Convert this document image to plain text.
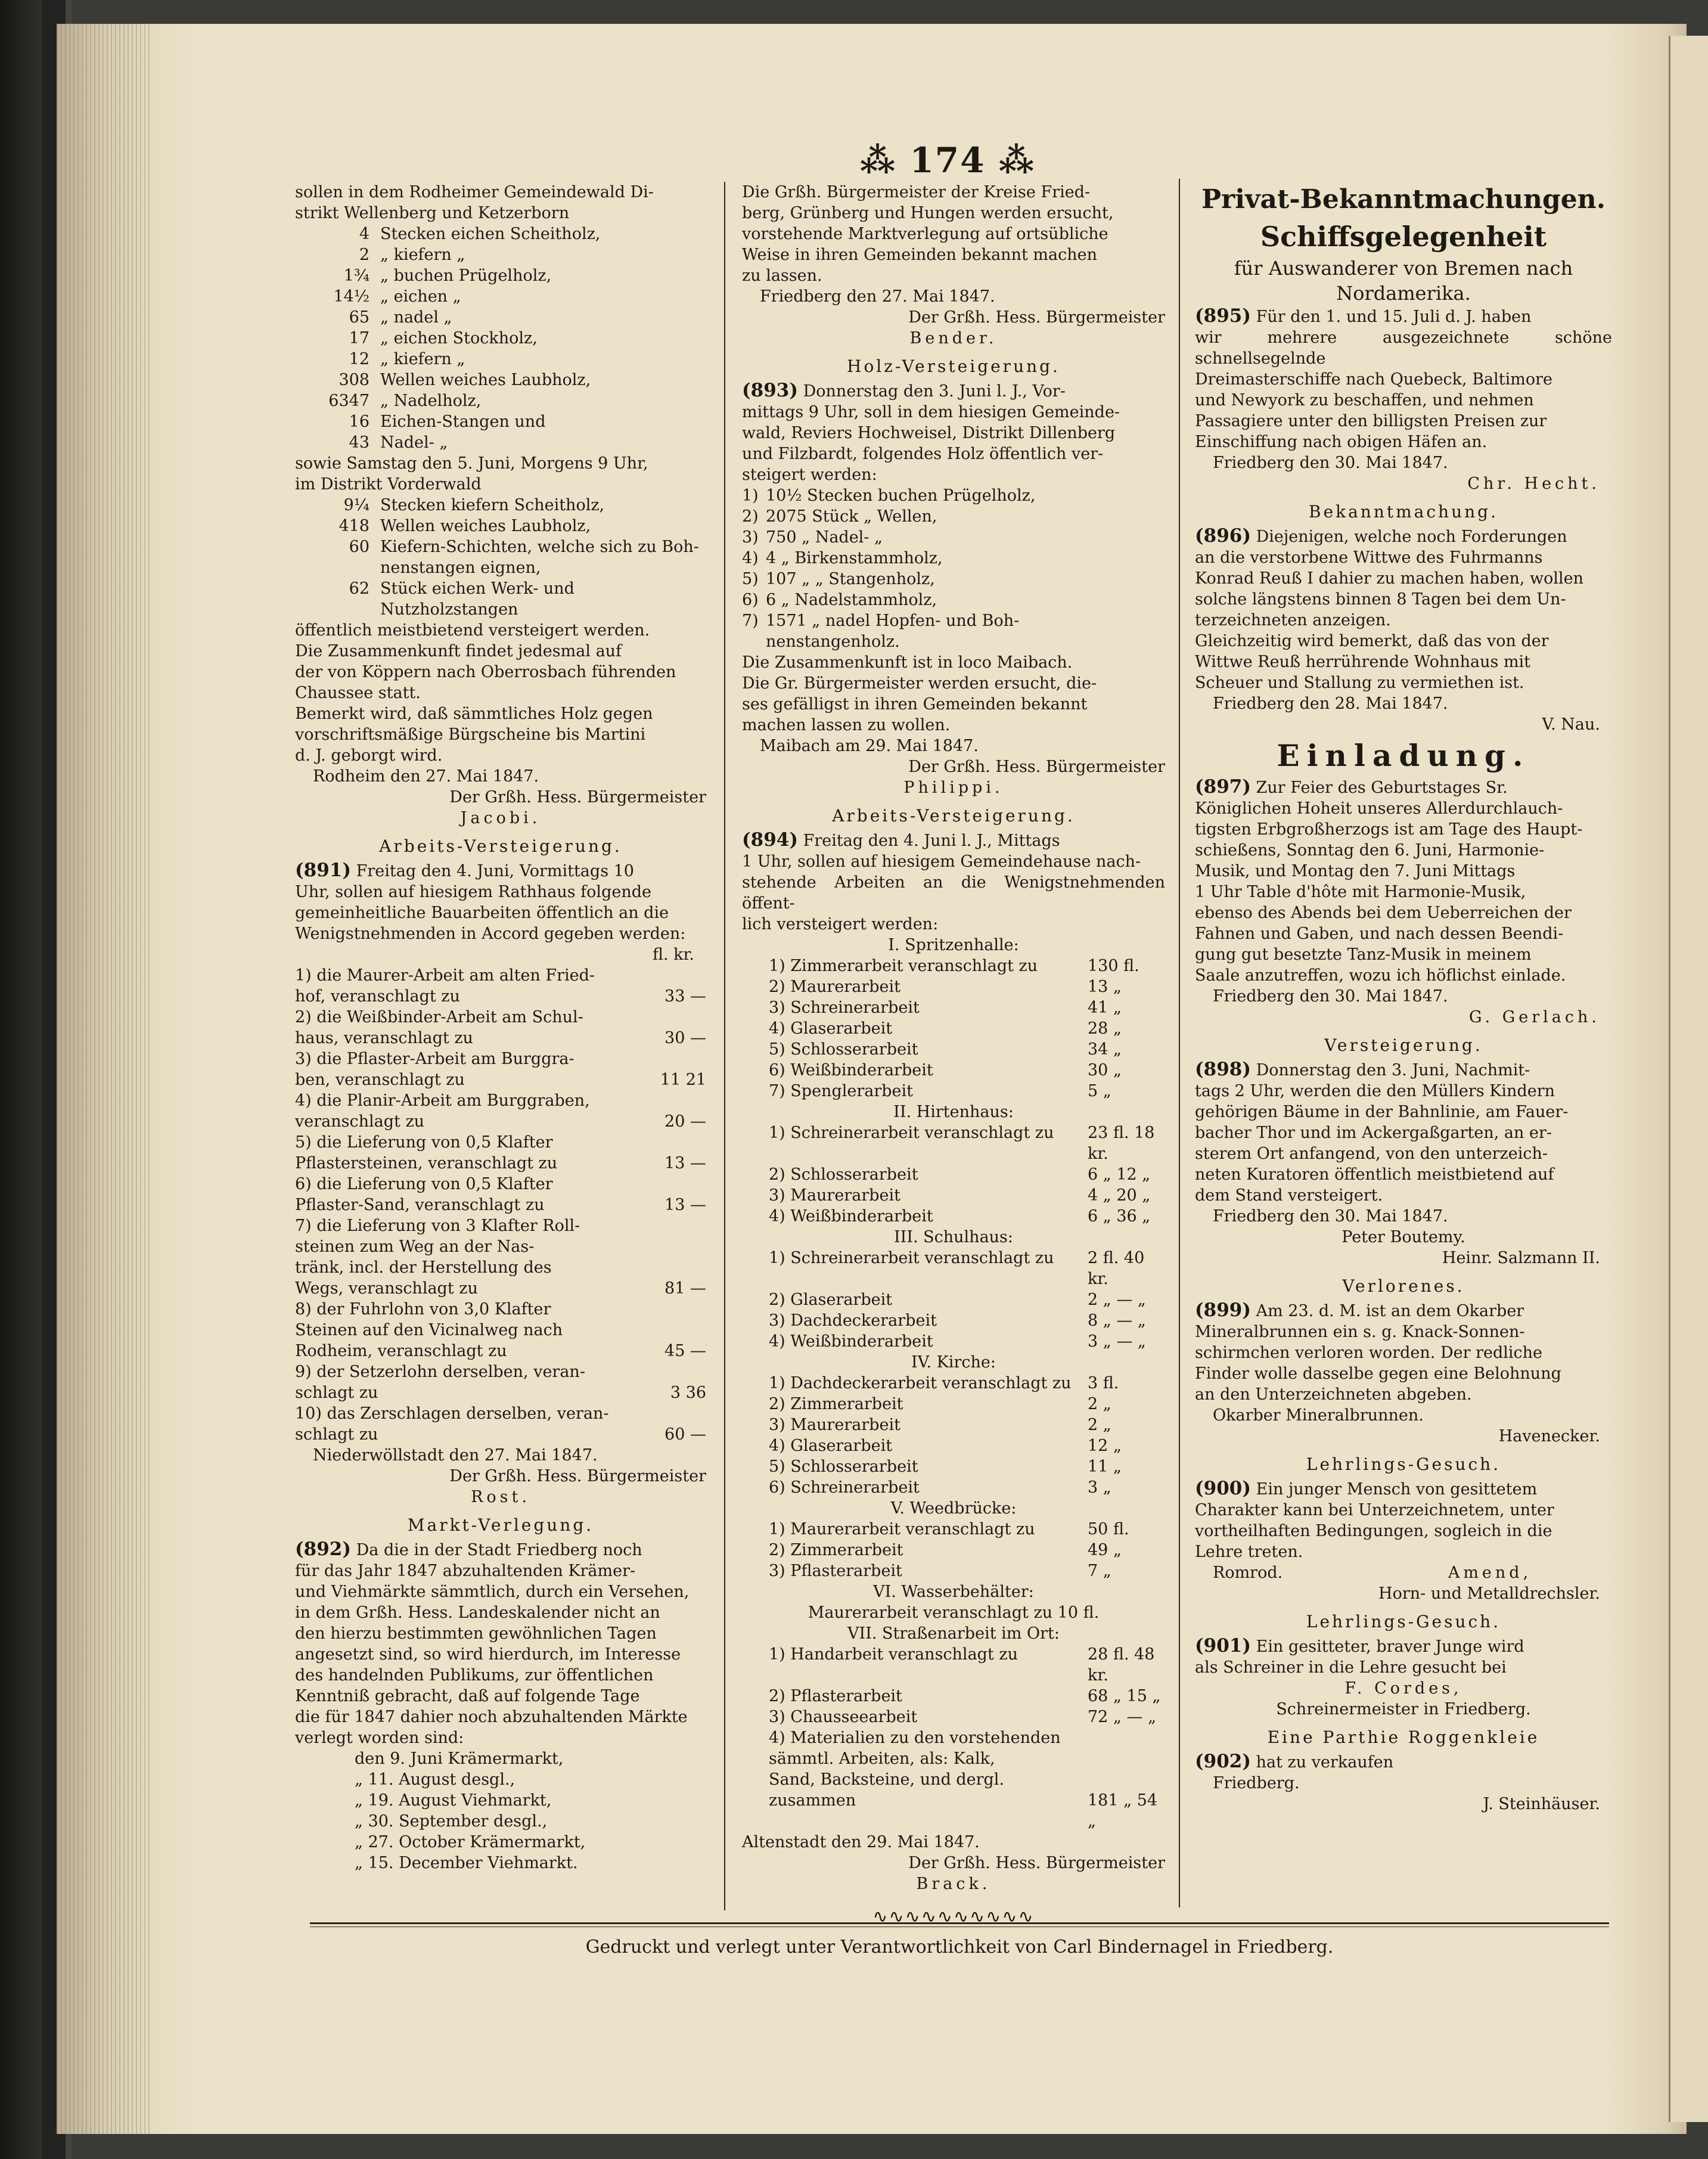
⁂ 174 ⁂
sollen in dem Rodheimer Gemeindewald Di-
strikt Wellenberg und Ketzerborn
4 Stecken eichen Scheitholz,
2 „ kiefern „
1¾ „ buchen Prügelholz,
14½ „ eichen „
65 „ nadel „
17 „ eichen Stockholz,
12 „ kiefern „
308 Wellen weiches Laubholz,
6347 „ Nadelholz,
16 Eichen-Stangen und
43 Nadel- „
sowie Samstag den 5. Juni, Morgens 9 Uhr,
im Distrikt Vorderwald
9¼ Stecken kiefern Scheitholz,
418 Wellen weiches Laubholz,
60 Kiefern-Schichten, welche sich zu Boh-
nenstangen eignen,
62 Stück eichen Werk- und Nutzholzstangen
öffentlich meistbietend versteigert werden.
Die Zusammenkunft findet jedesmal auf
der von Köppern nach Oberrosbach führenden
Chaussee statt.
Bemerkt wird, daß sämmtliches Holz gegen
vorschriftsmäßige Bürgscheine bis Martini
d. J. geborgt wird.
Rodheim den 27. Mai 1847.
Der Grßh. Hess. Bürgermeister
Jacobi.
Arbeits-Versteigerung.
(891) Freitag den 4. Juni, Vormittags 10
Uhr, sollen auf hiesigem Rathhaus folgende
gemeinheitliche Bauarbeiten öffentlich an die
Wenigstnehmenden in Accord gegeben werden:
fl. kr.
1) die Maurer-Arbeit am alten Fried-
hof, veranschlagt zu	33 —
2) die Weißbinder-Arbeit am Schul-
haus, veranschlagt zu	30 —
3) die Pflaster-Arbeit am Burggra-
ben, veranschlagt zu	11 21
4) die Planir-Arbeit am Burggraben,
veranschlagt zu	20 —
5) die Lieferung von 0,5 Klafter
Pflastersteinen, veranschlagt zu	13 —
6) die Lieferung von 0,5 Klafter
Pflaster-Sand, veranschlagt zu	13 —
7) die Lieferung von 3 Klafter Roll-
steinen zum Weg an der Nas-
tränk, incl. der Herstellung des
Wegs, veranschlagt zu	81 —
8) der Fuhrlohn von 3,0 Klafter
Steinen auf den Vicinalweg nach
Rodheim, veranschlagt zu	45 —
9) der Setzerlohn derselben, veran-
schlagt zu	3 36
10) das Zerschlagen derselben, veran-
schlagt zu	60 —
Niederwöllstadt den 27. Mai 1847.
Der Grßh. Hess. Bürgermeister
Rost.
Markt-Verlegung.
(892) Da die in der Stadt Friedberg noch
für das Jahr 1847 abzuhaltenden Krämer-
und Viehmärkte sämmtlich, durch ein Versehen,
in dem Grßh. Hess. Landeskalender nicht an
den hierzu bestimmten gewöhnlichen Tagen
angesetzt sind, so wird hierdurch, im Interesse
des handelnden Publikums, zur öffentlichen
Kenntniß gebracht, daß auf folgende Tage
die für 1847 dahier noch abzuhaltenden Märkte
verlegt worden sind:
den 9. Juni Krämermarkt,
„ 11. August desgl.,
„ 19. August Viehmarkt,
„ 30. September desgl.,
„ 27. October Krämermarkt,
„ 15. December Viehmarkt.
Die Grßh. Bürgermeister der Kreise Fried-
berg, Grünberg und Hungen werden ersucht,
vorstehende Marktverlegung auf ortsübliche
Weise in ihren Gemeinden bekannt machen
zu lassen.
Friedberg den 27. Mai 1847.
Der Grßh. Hess. Bürgermeister
Bender.
Holz-Versteigerung.
(893) Donnerstag den 3. Juni l. J., Vor-
mittags 9 Uhr, soll in dem hiesigen Gemeinde-
wald, Reviers Hochweisel, Distrikt Dillenberg
und Filzbardt, folgendes Holz öffentlich ver-
steigert werden:
1) 10½ Stecken buchen Prügelholz,
2) 2075 Stück „ Wellen,
3) 750 „ Nadel- „
4) 4 „ Birkenstammholz,
5) 107 „ „ Stangenholz,
6) 6 „ Nadelstammholz,
7) 1571 „ nadel Hopfen- und Boh-
nenstangenholz.
Die Zusammenkunft ist in loco Maibach.
Die Gr. Bürgermeister werden ersucht, die-
ses gefälligst in ihren Gemeinden bekannt
machen lassen zu wollen.
Maibach am 29. Mai 1847.
Der Grßh. Hess. Bürgermeister
Philippi.
Arbeits-Versteigerung.
(894) Freitag den 4. Juni l. J., Mittags
1 Uhr, sollen auf hiesigem Gemeindehause nach-
stehende Arbeiten an die Wenigstnehmenden öffent-
lich versteigert werden:
I. Spritzenhalle:
1) Zimmerarbeit veranschlagt zu	130 fl.
2) Maurerarbeit	13 „
3) Schreinerarbeit	41 „
4) Glaserarbeit	28 „
5) Schlosserarbeit	34 „
6) Weißbinderarbeit	30 „
7) Spenglerarbeit	5 „
II. Hirtenhaus:
1) Schreinerarbeit veranschlagt zu	23 fl. 18 kr.
2) Schlosserarbeit	6 „ 12 „
3) Maurerarbeit	4 „ 20 „
4) Weißbinderarbeit	6 „ 36 „
III. Schulhaus:
1) Schreinerarbeit veranschlagt zu	2 fl. 40 kr.
2) Glaserarbeit	2 „ — „
3) Dachdeckerarbeit	8 „ — „
4) Weißbinderarbeit	3 „ — „
IV. Kirche:
1) Dachdeckerarbeit veranschlagt zu	3 fl.
2) Zimmerarbeit	2 „
3) Maurerarbeit	2 „
4) Glaserarbeit	12 „
5) Schlosserarbeit	11 „
6) Schreinerarbeit	3 „
V. Weedbrücke:
1) Maurerarbeit veranschlagt zu	50 fl.
2) Zimmerarbeit	49 „
3) Pflasterarbeit	7 „
VI. Wasserbehälter:
Maurerarbeit veranschlagt zu 10 fl.
VII. Straßenarbeit im Ort:
1) Handarbeit veranschlagt zu	28 fl. 48 kr.
2) Pflasterarbeit	68 „ 15 „
3) Chausseearbeit	72 „ — „
4) Materialien zu den vorstehenden
sämmtl. Arbeiten, als: Kalk,
Sand, Backsteine, und dergl.
zusammen	181 „ 54 „
Altenstadt den 29. Mai 1847.
Der Grßh. Hess. Bürgermeister
Brack.
∿∿∿∿∿∿∿∿∿∿
Privat-Bekanntmachungen.
Schiffsgelegenheit
für Auswanderer von Bremen nach
Nordamerika.
(895) Für den 1. und 15. Juli d. J. haben
wir mehrere ausgezeichnete schöne schnellsegelnde
Dreimasterschiffe nach Quebeck, Baltimore
und Newyork zu beschaffen, und nehmen
Passagiere unter den billigsten Preisen zur
Einschiffung nach obigen Häfen an.
Friedberg den 30. Mai 1847.
Chr. Hecht.
Bekanntmachung.
(896) Diejenigen, welche noch Forderungen
an die verstorbene Wittwe des Fuhrmanns
Konrad Reuß I dahier zu machen haben, wollen
solche längstens binnen 8 Tagen bei dem Un-
terzeichneten anzeigen.
Gleichzeitig wird bemerkt, daß das von der
Wittwe Reuß herrührende Wohnhaus mit
Scheuer und Stallung zu vermiethen ist.
Friedberg den 28. Mai 1847.
V. Nau.
Einladung.
(897) Zur Feier des Geburtstages Sr.
Königlichen Hoheit unseres Allerdurchlauch-
tigsten Erbgroßherzogs ist am Tage des Haupt-
schießens, Sonntag den 6. Juni, Harmonie-
Musik, und Montag den 7. Juni Mittags
1 Uhr Table d'hôte mit Harmonie-Musik,
ebenso des Abends bei dem Ueberreichen der
Fahnen und Gaben, und nach dessen Beendi-
gung gut besetzte Tanz-Musik in meinem
Saale anzutreffen, wozu ich höflichst einlade.
Friedberg den 30. Mai 1847.
G. Gerlach.
Versteigerung.
(898) Donnerstag den 3. Juni, Nachmit-
tags 2 Uhr, werden die den Müllers Kindern
gehörigen Bäume in der Bahnlinie, am Fauer-
bacher Thor und im Ackergaßgarten, an er-
sterem Ort anfangend, von den unterzeich-
neten Kuratoren öffentlich meistbietend auf
dem Stand versteigert.
Friedberg den 30. Mai 1847.
Peter Boutemy.
Heinr. Salzmann II.
Verlorenes.
(899) Am 23. d. M. ist an dem Okarber
Mineralbrunnen ein s. g. Knack-Sonnen-
schirmchen verloren worden. Der redliche
Finder wolle dasselbe gegen eine Belohnung
an den Unterzeichneten abgeben.
Okarber Mineralbrunnen.
Havenecker.
Lehrlings-Gesuch.
(900) Ein junger Mensch von gesittetem
Charakter kann bei Unterzeichnetem, unter
vortheilhaften Bedingungen, sogleich in die
Lehre treten.
Romrod.	Amend,
Horn- und Metalldrechsler.
Lehrlings-Gesuch.
(901) Ein gesitteter, braver Junge wird
als Schreiner in die Lehre gesucht bei
F. Cordes,
Schreinermeister in Friedberg.
Eine Parthie Roggenkleie
(902) hat zu verkaufen
Friedberg.
J. Steinhäuser.
Gedruckt und verlegt unter Verantwortlichkeit von Carl Bindernagel in Friedberg.
